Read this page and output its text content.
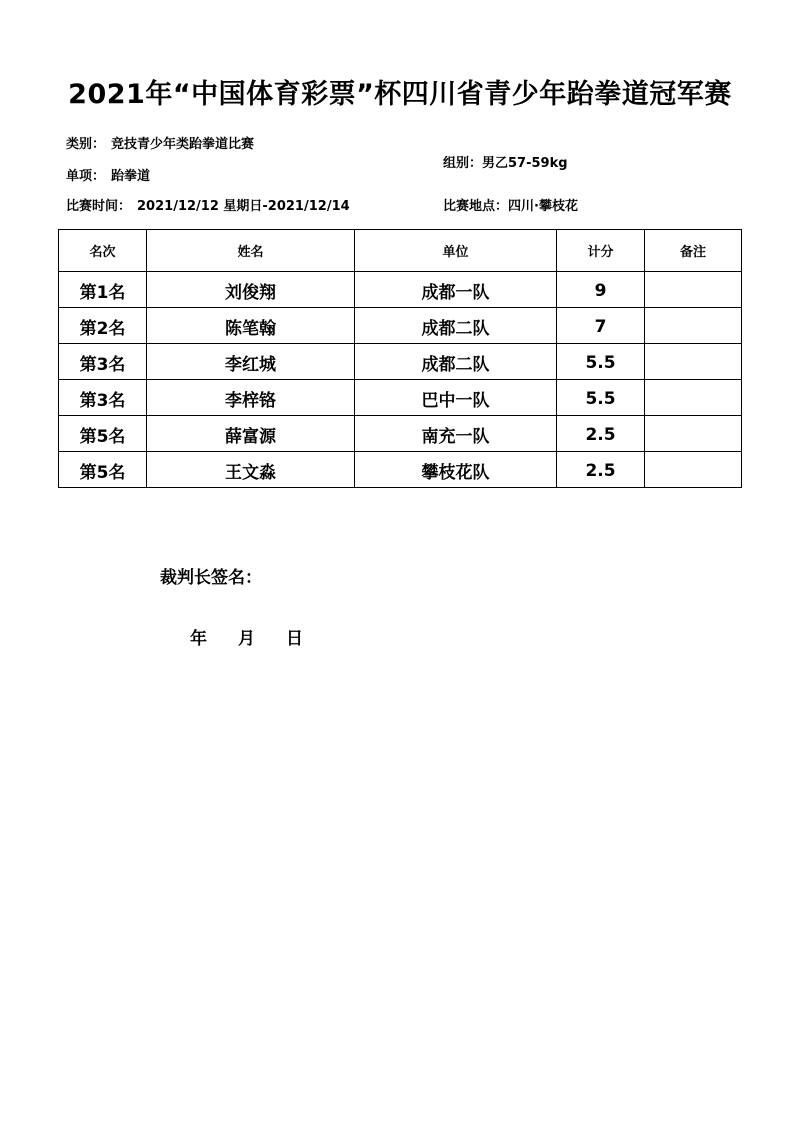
2021年“中国体育彩票”杯四川省青少年跆拳道冠军赛
类别： 竞技青少年类跆拳道比赛
单项： 跆拳道
组别：男乙57-59kg
比赛时间： 2021/12/12 星期日-2021/12/14	比赛地点：四川·攀枝花
名次	姓名	单位	计分	备注
第1名	刘俊翔	成都一队	9	
第2名	陈笔翰	成都二队	7	
第3名	李红城	成都二队	5.5	
第3名	李梓铬	巴中一队	5.5	
第5名	薛富源	南充一队	2.5	
第5名	王文淼	攀枝花队	2.5	
裁判长签名：
年 月 日
